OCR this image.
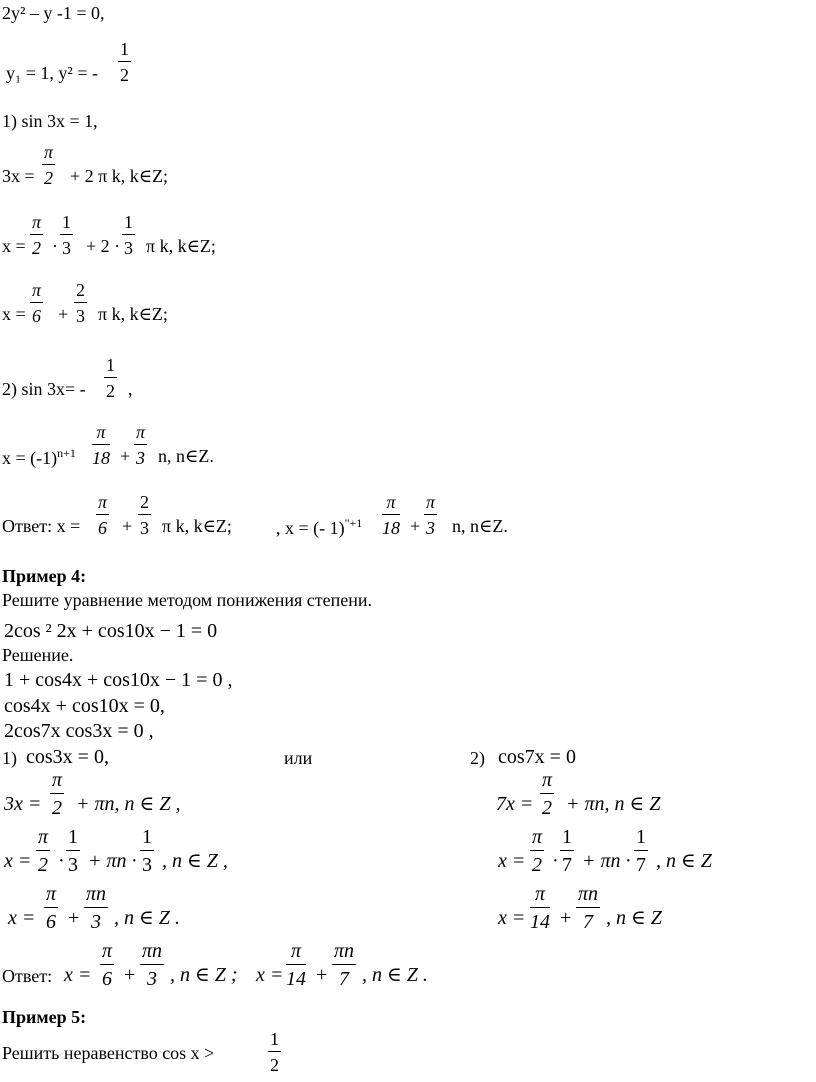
2y² – y -1 = 0,
y₁ = 1, y² = - $\frac{1}{2}$
1) sin 3x = 1,
$3x = \frac{\pi}{2} + 2$ π k, k∈Z;
$x = \frac{\pi}{2} \cdot \frac{1}{3} + 2 \cdot \frac{1}{3}$ π k, k∈Z;
$x = \frac{\pi}{6} + \frac{2}{3}$ π k, k∈Z;
2) $\sin 3x= - \frac{1}{2}$ ,
$x = (-1)^{n+1} \frac{\pi}{18} + \frac{\pi}{3} n$, n∈Z.
Ответ: $x = \frac{\pi}{6} + \frac{2}{3}$ π k, k∈Z; , x = (- $1)^{"+1} \frac{\pi}{18} + \frac{\pi}{3} n$, n∈Z.
Пример 4:
Решите уравнение методом понижения степени.
2cos ² 2x + cos10x − 1 = 0
Решение.
1 + cos4x + cos10x − 1 = 0 ,
cos4x + cos10x = 0,
2cos7x cos3x = 0 ,
1) cos3x = 0,	или	2) cos7x = 0
$3x = \frac{\pi}{2} + \pi n$, n ∈ Z ,
$x = \frac{\pi}{2} \cdot \frac{1}{3} + \pi n \cdot \frac{1}{3}$ , n ∈ Z ,
$x = \frac{\pi}{6} + \frac{\pi n}{3}$ , n ∈ Z .
$7x = \frac{\pi}{2} + \pi n$, n ∈ Z
$x = \frac{\pi}{2} \cdot \frac{1}{7} + \pi n \cdot \frac{1}{7}$ , n ∈ Z
$x = \frac{\pi}{14} + \frac{\pi n}{7}$ , n ∈ Z
Ответ: $x = \frac{\pi}{6} + \frac{\pi n}{3}$ , n ∈ Z ; $x = \frac{\pi}{14} + \frac{\pi n}{7}$ , n ∈ Z .
Пример 5:
Решить неравенство cos x >	$\frac{1}{2}$
